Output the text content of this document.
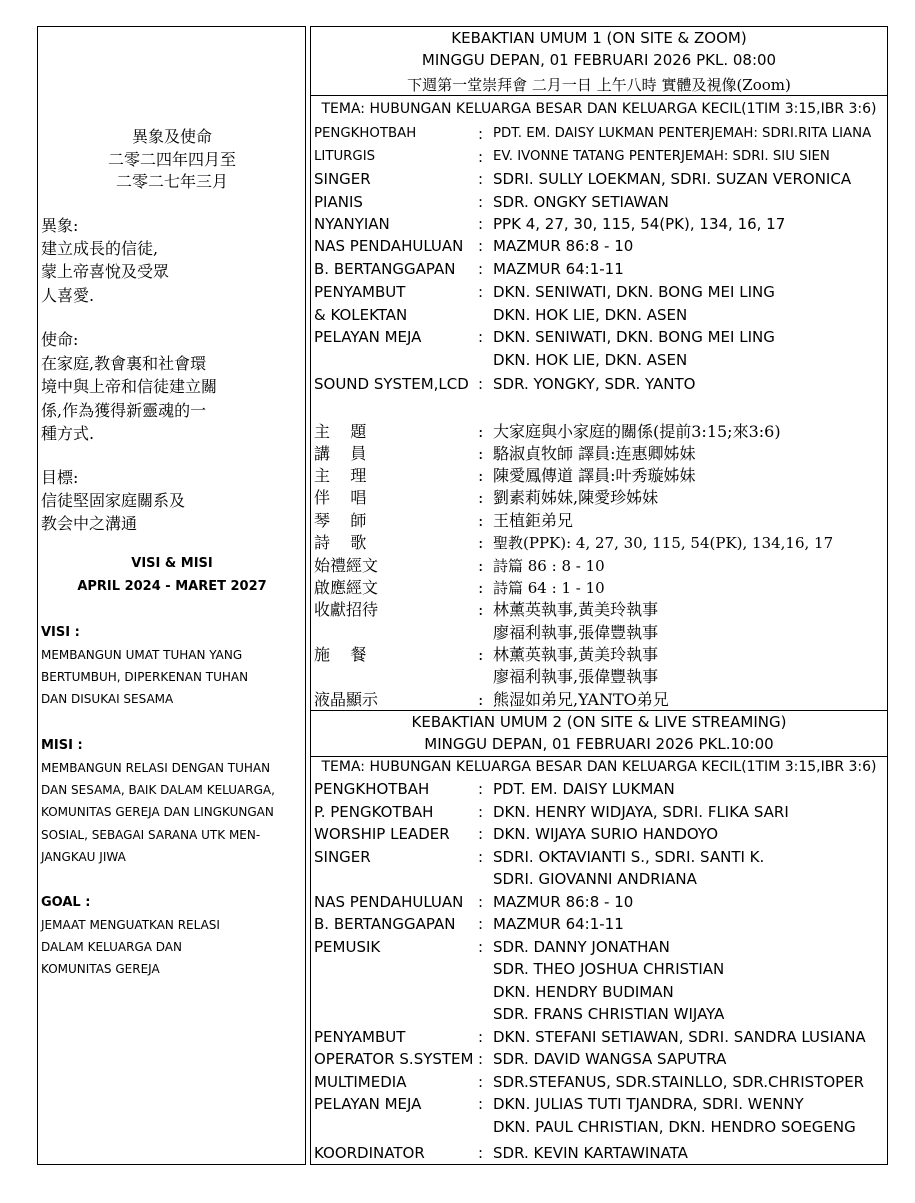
異象及使命
二零二四年四月至
二零二七年三月
異象:
建立成長的信徒,
蒙上帝喜悅及受眾
人喜愛.
使命:
在家庭,教會裏和社會環
境中與上帝和信徒建立關
係,作為獲得新靈魂的一
種方式.
目標:
信徒堅固家庭關系及
教会中之溝通
VISI & MISI
APRIL 2024 - MARET 2027
VISI :
MEMBANGUN UMAT TUHAN YANG
BERTUMBUH, DIPERKENAN TUHAN
DAN DISUKAI SESAMA
MISI :
MEMBANGUN RELASI DENGAN TUHAN
DAN SESAMA, BAIK DALAM KELUARGA,
KOMUNITAS GEREJA DAN LINGKUNGAN
SOSIAL, SEBAGAI SARANA UTK MEN-
JANGKAU JIWA
GOAL :
JEMAAT MENGUATKAN RELASI
DALAM KELUARGA DAN
KOMUNITAS GEREJA
KEBAKTIAN UMUM 1 (ON SITE & ZOOM)
MINGGU DEPAN, 01 FEBRUARI 2026 PKL. 08:00
下週第一堂崇拜會 二月一日 上午八時 實體及視像(Zoom)
TEMA: HUBUNGAN KELUARGA BESAR DAN KELUARGA KECIL(1TIM 3:15,IBR 3:6)
PENGKHOTBAH	: PDT. EM. DAISY LUKMAN PENTERJEMAH: SDRI.RITA LIANA
LITURGIS	: EV. IVONNE TATANG PENTERJEMAH: SDRI. SIU SIEN
SINGER	: SDRI. SULLY LOEKMAN, SDRI. SUZAN VERONICA
PIANIS	: SDR. ONGKY SETIAWAN
NYANYIAN	: PPK 4, 27, 30, 115, 54(PK), 134, 16, 17
NAS PENDAHULUAN : MAZMUR 86:8 - 10
B. BERTANGGAPAN : MAZMUR 64:1-11
PENYAMBUT	: DKN. SENIWATI, DKN. BONG MEI LING
& KOLEKTAN	DKN. HOK LIE, DKN. ASEN
PELAYAN MEJA	: DKN. SENIWATI, DKN. BONG MEI LING
DKN. HOK LIE, DKN. ASEN
SOUND SYSTEM,LCD : SDR. YONGKY, SDR. YANTO
主    題	: 大家庭與小家庭的關係(提前3:15;來3:6)
講    員	: 駱淑貞牧師 譯員:连惠卿姊妹
主    理	: 陳愛鳳傳道 譯員:叶秀璇姊妹
伴    唱	: 劉素莉姊妹,陳愛珍姊妹
琴    師	: 王植鉅弟兄
詩    歌	: 聖教(PPK): 4, 27, 30, 115, 54(PK), 134,16, 17
始禮經文	: 詩篇 86 : 8 - 10
啟應經文	: 詩篇 64 : 1 - 10
收獻招待	: 林薰英執事,黃美玲執事
廖福利執事,張偉豐執事
施    餐	: 林薰英執事,黃美玲執事
廖福利執事,張偉豐執事
液晶顯示	: 熊湿如弟兄,YANTO弟兄
KEBAKTIAN UMUM 2 (ON SITE & LIVE STREAMING)
MINGGU DEPAN, 01 FEBRUARI 2026 PKL.10:00
TEMA: HUBUNGAN KELUARGA BESAR DAN KELUARGA KECIL(1TIM 3:15,IBR 3:6)
PENGKHOTBAH	: PDT. EM. DAISY LUKMAN
P. PENGKOTBAH	: DKN. HENRY WIDJAYA, SDRI. FLIKA SARI
WORSHIP LEADER : DKN. WIJAYA SURIO HANDOYO
SINGER	: SDRI. OKTAVIANTI S., SDRI. SANTI K.
SDRI. GIOVANNI ANDRIANA
NAS PENDAHULUAN : MAZMUR 86:8 - 10
B. BERTANGGAPAN : MAZMUR 64:1-11
PEMUSIK	: SDR. DANNY JONATHAN
SDR. THEO JOSHUA CHRISTIAN
DKN. HENDRY BUDIMAN
SDR. FRANS CHRISTIAN WIJAYA
PENYAMBUT	: DKN. STEFANI SETIAWAN, SDRI. SANDRA LUSIANA
OPERATOR S.SYSTEM : SDR. DAVID WANGSA SAPUTRA
MULTIMEDIA	: SDR.STEFANUS, SDR.STAINLLO, SDR.CHRISTOPER
PELAYAN MEJA	: DKN. JULIAS TUTI TJANDRA, SDRI. WENNY
DKN. PAUL CHRISTIAN, DKN. HENDRO SOEGENG
KOORDINATOR	: SDR. KEVIN KARTAWINATA
